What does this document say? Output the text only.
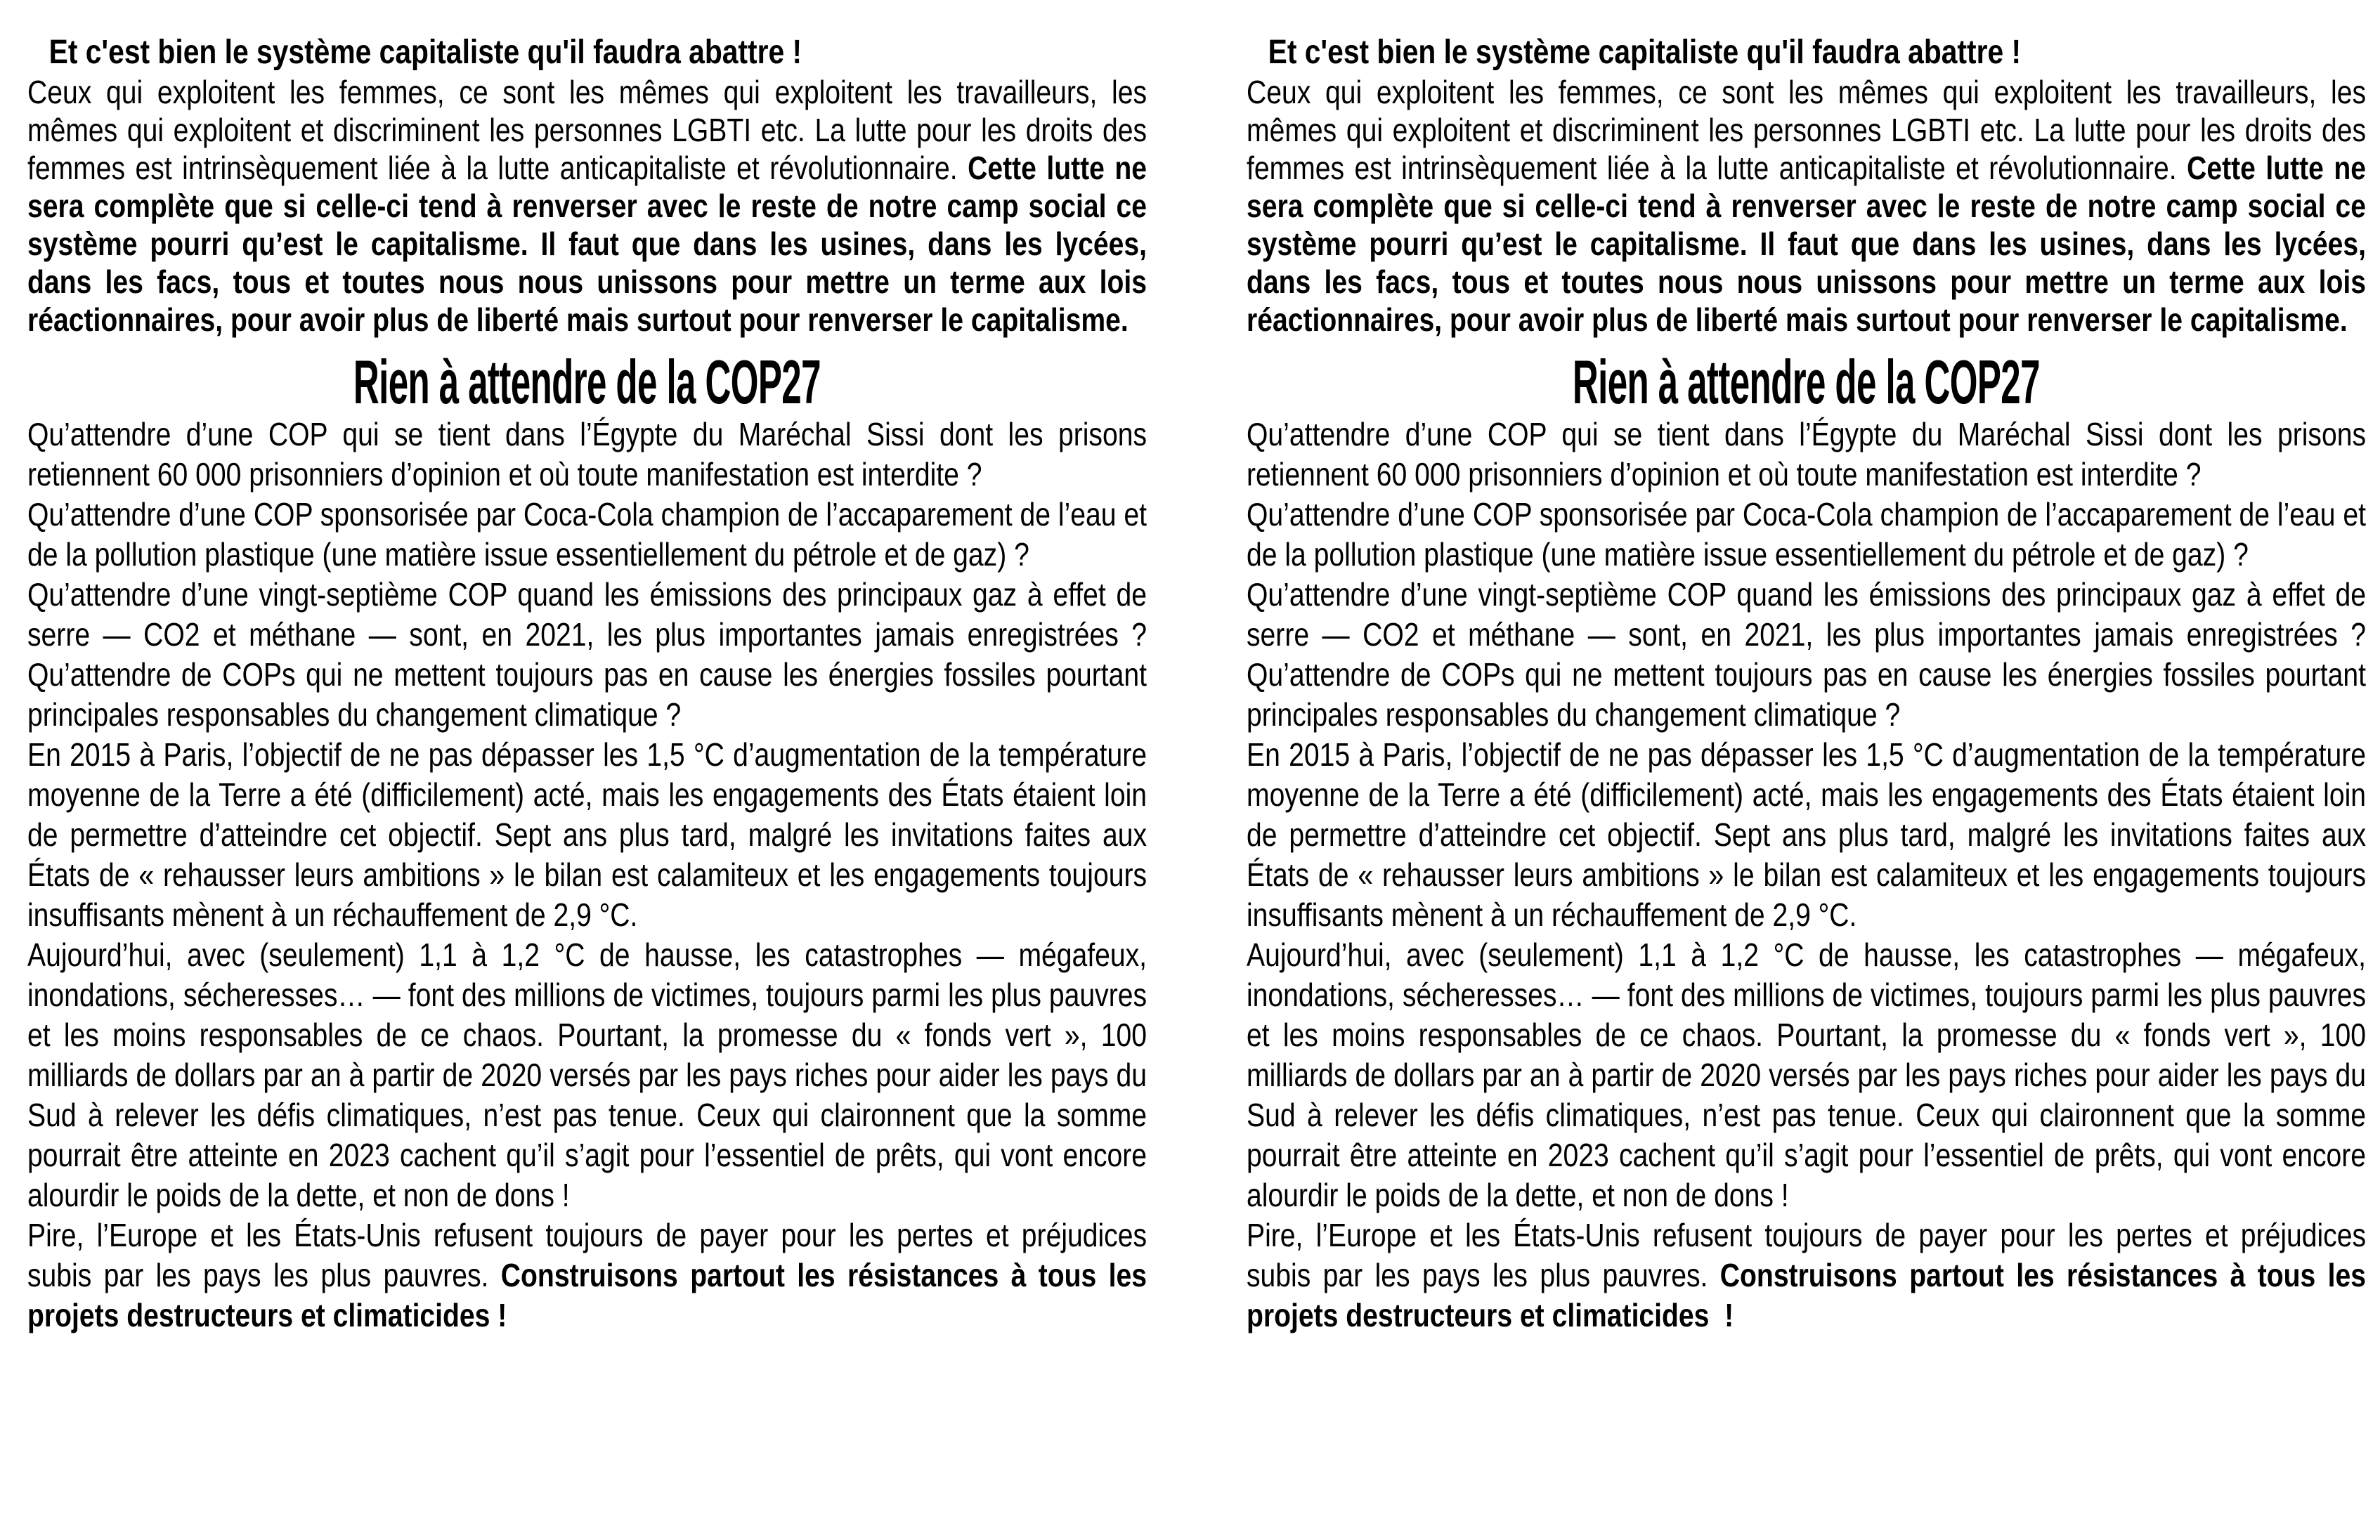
Et c'est bien le système capitaliste qu'il faudra abattre !

Ceux qui exploitent les femmes, ce sont les mêmes qui exploitent les travailleurs, les mêmes qui exploitent et discriminent les personnes LGBTI etc. La lutte pour les droits des femmes est intrinsèquement liée à la lutte anticapitaliste et révolutionnaire. Cette lutte ne sera complète que si celle-ci tend à renverser avec le reste de notre camp social ce système pourri qu’est le capitalisme. Il faut que dans les usines, dans les lycées, dans les facs, tous et toutes nous nous unissons pour mettre un terme aux lois réactionnaires, pour avoir plus de liberté mais surtout pour renverser le capitalisme.

Rien à attendre de la COP27

Qu’attendre d’une COP qui se tient dans l’Égypte du Maréchal Sissi dont les prisons retiennent 60 000 prisonniers d’opinion et où toute manifestation est interdite ?

Qu’attendre d’une COP sponsorisée par Coca-Cola champion de l’accaparement de l’eau et de la pollution plastique (une matière issue essentiellement du pétrole et de gaz) ?

Qu’attendre d’une vingt-septième COP quand les émissions des principaux gaz à effet de serre — CO2 et méthane — sont, en 2021, les plus importantes jamais enregistrées ? Qu’attendre de COPs qui ne mettent toujours pas en cause les énergies fossiles pourtant principales responsables du changement climatique ?

En 2015 à Paris, l’objectif de ne pas dépasser les 1,5 °C d’augmentation de la température moyenne de la Terre a été (difficilement) acté, mais les engagements des États étaient loin de permettre d’atteindre cet objectif. Sept ans plus tard, malgré les invitations faites aux États de « rehausser leurs ambitions » le bilan est calamiteux et les engagements toujours insuffisants mènent à un réchauffement de 2,9 °C.

Aujourd’hui, avec (seulement) 1,1 à 1,2 °C de hausse, les catastrophes — mégafeux, inondations, sécheresses… — font des millions de victimes, toujours parmi les plus pauvres et les moins responsables de ce chaos. Pourtant, la promesse du « fonds vert », 100 milliards de dollars par an à partir de 2020 versés par les pays riches pour aider les pays du Sud à relever les défis climatiques, n’est pas tenue. Ceux qui claironnent que la somme pourrait être atteinte en 2023 cachent qu’il s’agit pour l’essentiel de prêts, qui vont encore alourdir le poids de la dette, et non de dons !

Pire, l’Europe et les États-Unis refusent toujours de payer pour les pertes et préjudices subis par les pays les plus pauvres. Construisons partout les résistances à tous les projets destructeurs et climaticides !

Et c'est bien le système capitaliste qu'il faudra abattre !

Ceux qui exploitent les femmes, ce sont les mêmes qui exploitent les travailleurs, les mêmes qui exploitent et discriminent les personnes LGBTI etc. La lutte pour les droits des femmes est intrinsèquement liée à la lutte anticapitaliste et révolutionnaire. Cette lutte ne sera complète que si celle-ci tend à renverser avec le reste de notre camp social ce système pourri qu’est le capitalisme. Il faut que dans les usines, dans les lycées, dans les facs, tous et toutes nous nous unissons pour mettre un terme aux lois réactionnaires, pour avoir plus de liberté mais surtout pour renverser le capitalisme.

Rien à attendre de la COP27

Qu’attendre d’une COP qui se tient dans l’Égypte du Maréchal Sissi dont les prisons retiennent 60 000 prisonniers d’opinion et où toute manifestation est interdite ?

Qu’attendre d’une COP sponsorisée par Coca-Cola champion de l’accaparement de l’eau et de la pollution plastique (une matière issue essentiellement du pétrole et de gaz) ?

Qu’attendre d’une vingt-septième COP quand les émissions des principaux gaz à effet de serre — CO2 et méthane — sont, en 2021, les plus importantes jamais enregistrées ? Qu’attendre de COPs qui ne mettent toujours pas en cause les énergies fossiles pourtant principales responsables du changement climatique ?

En 2015 à Paris, l’objectif de ne pas dépasser les 1,5 °C d’augmentation de la température moyenne de la Terre a été (difficilement) acté, mais les engagements des États étaient loin de permettre d’atteindre cet objectif. Sept ans plus tard, malgré les invitations faites aux États de « rehausser leurs ambitions » le bilan est calamiteux et les engagements toujours insuffisants mènent à un réchauffement de 2,9 °C.

Aujourd’hui, avec (seulement) 1,1 à 1,2 °C de hausse, les catastrophes — mégafeux, inondations, sécheresses… — font des millions de victimes, toujours parmi les plus pauvres et les moins responsables de ce chaos. Pourtant, la promesse du « fonds vert », 100 milliards de dollars par an à partir de 2020 versés par les pays riches pour aider les pays du Sud à relever les défis climatiques, n’est pas tenue. Ceux qui claironnent que la somme pourrait être atteinte en 2023 cachent qu’il s’agit pour l’essentiel de prêts, qui vont encore alourdir le poids de la dette, et non de dons !

Pire, l’Europe et les États-Unis refusent toujours de payer pour les pertes et préjudices subis par les pays les plus pauvres. Construisons partout les résistances à tous les projets destructeurs et climaticides  !
